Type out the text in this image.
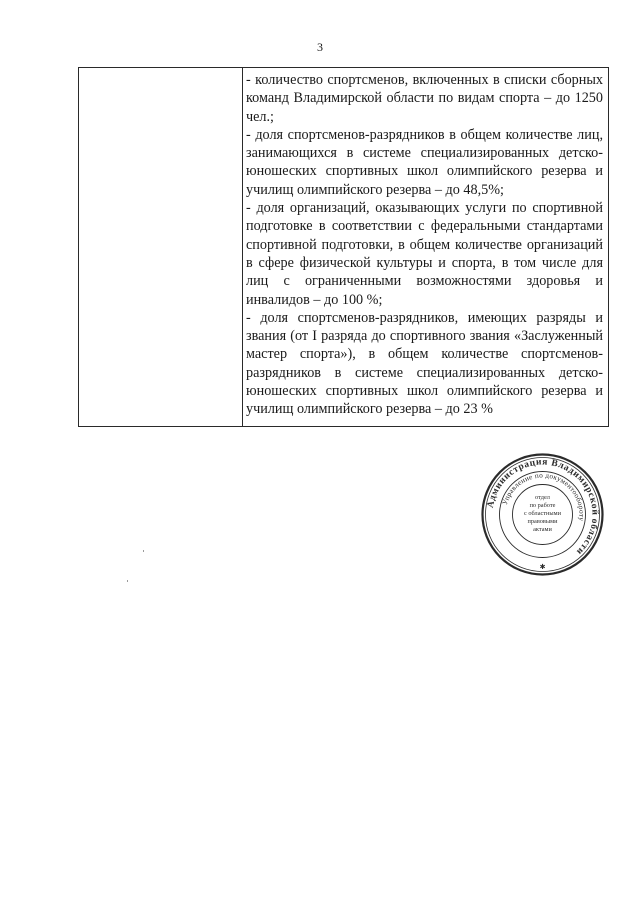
3

- количество спортсменов, включенных в списки сборных команд Владимирской области по видам спорта – до 1250 чел.;

- доля спортсменов-разрядников в общем количестве лиц, занимающихся в системе специализированных детско-юношеских спортивных школ олимпийского резерва и училищ олимпийского резерва – до 48,5%;

- доля организаций, оказывающих услуги по спортивной подготовке в соответствии с федеральными стандартами спортивной подготовки, в общем количестве организаций в сфере физической культуры и спорта, в том числе для лиц с ограниченными возможностями здоровья и инвалидов – до 100 %;

- доля спортсменов-разрядников, имеющих разряды и звания (от I разряда до спортивного звания «Заслуженный мастер спорта»), в общем количестве спортсменов-разрядников в системе специализированных детско-юношеских спортивных школ олимпийского резерва и училищ олимпийского резерва – до 23 %

Администрация Владимирской области
Управление по документообороту
✱
отдел
по работе
с областными
правовыми
актами
